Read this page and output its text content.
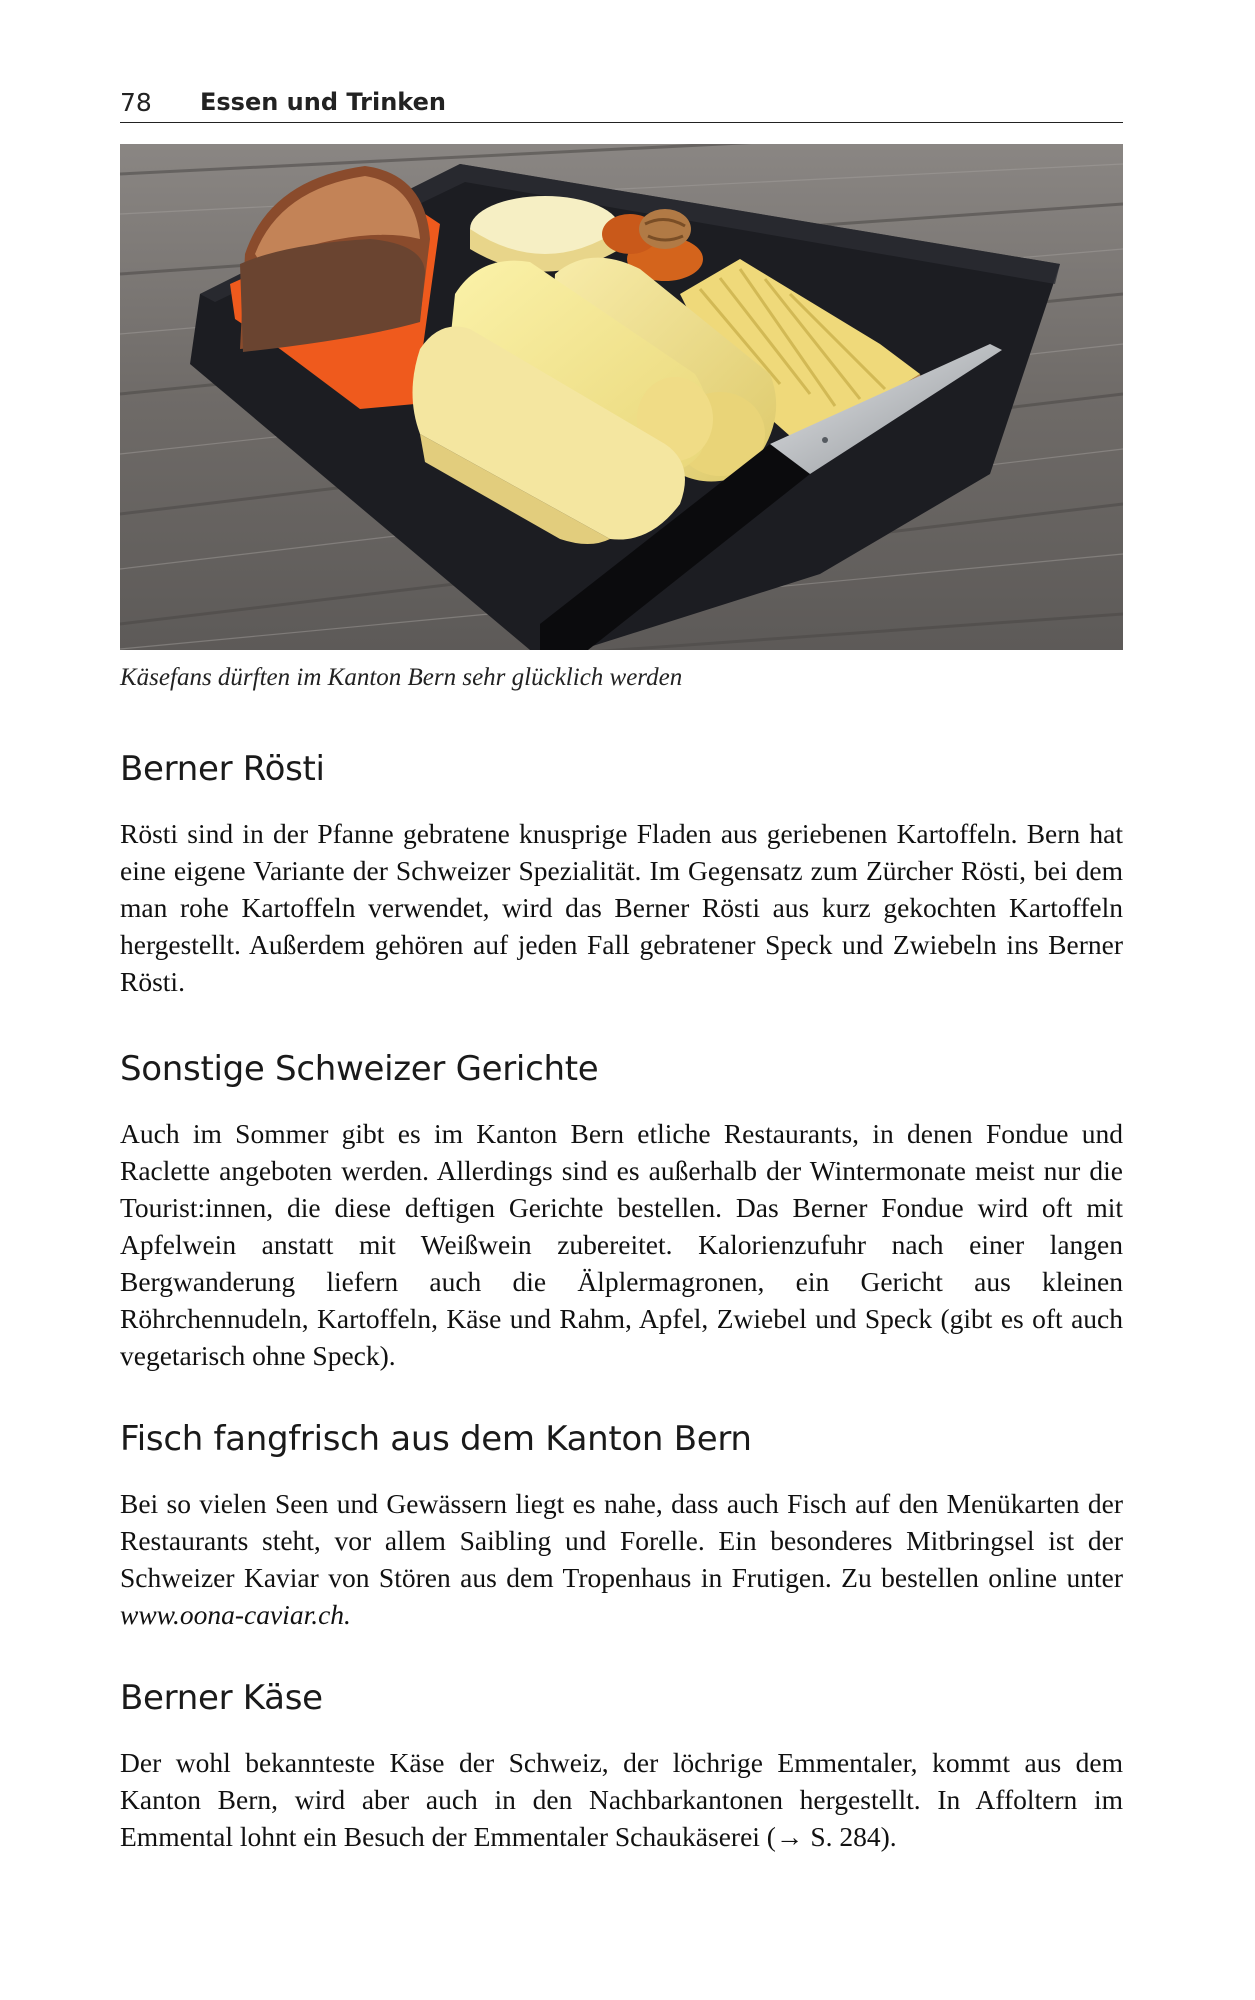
78 Essen und Trinken
Käsefans dürften im Kanton Bern sehr glücklich werden
Berner Rösti

Rösti sind in der Pfanne gebratene knusprige Fladen aus geriebenen Kartoffeln. Bern hat eine eigene Variante der Schweizer Spezialität. Im Gegensatz zum Zürcher Rösti, bei dem man rohe Kartoffeln verwendet, wird das Berner Rösti aus kurz gekochten Kartoffeln hergestellt. Außerdem gehören auf jeden Fall gebratener Speck und Zwiebeln ins Berner Rösti.

Sonstige Schweizer Gerichte

Auch im Sommer gibt es im Kanton Bern etliche Restaurants, in denen Fondue und Raclette angeboten werden. Allerdings sind es außerhalb der Wintermonate meist nur die Tourist:innen, die diese deftigen Gerichte bestellen. Das Berner Fondue wird oft mit Apfelwein anstatt mit Weißwein zubereitet. Kalorienzufuhr nach einer langen Bergwanderung liefern auch die Älplermagronen, ein Gericht aus kleinen Röhrchennudeln, Kartoffeln, Käse und Rahm, Apfel, Zwiebel und Speck (gibt es oft auch vegetarisch ohne Speck).

Fisch fangfrisch aus dem Kanton Bern

Bei so vielen Seen und Gewässern liegt es nahe, dass auch Fisch auf den Menükarten der Restaurants steht, vor allem Saibling und Forelle. Ein besonderes Mitbringsel ist der Schweizer Kaviar von Stören aus dem Tropenhaus in Frutigen. Zu bestellen online unter www.oona-caviar.ch.

Berner Käse

Der wohl bekannteste Käse der Schweiz, der löchrige Emmentaler, kommt aus dem Kanton Bern, wird aber auch in den Nachbarkantonen hergestellt. In Affoltern im Emmental lohnt ein Besuch der Emmentaler Schaukäserei (→ S. 284).
